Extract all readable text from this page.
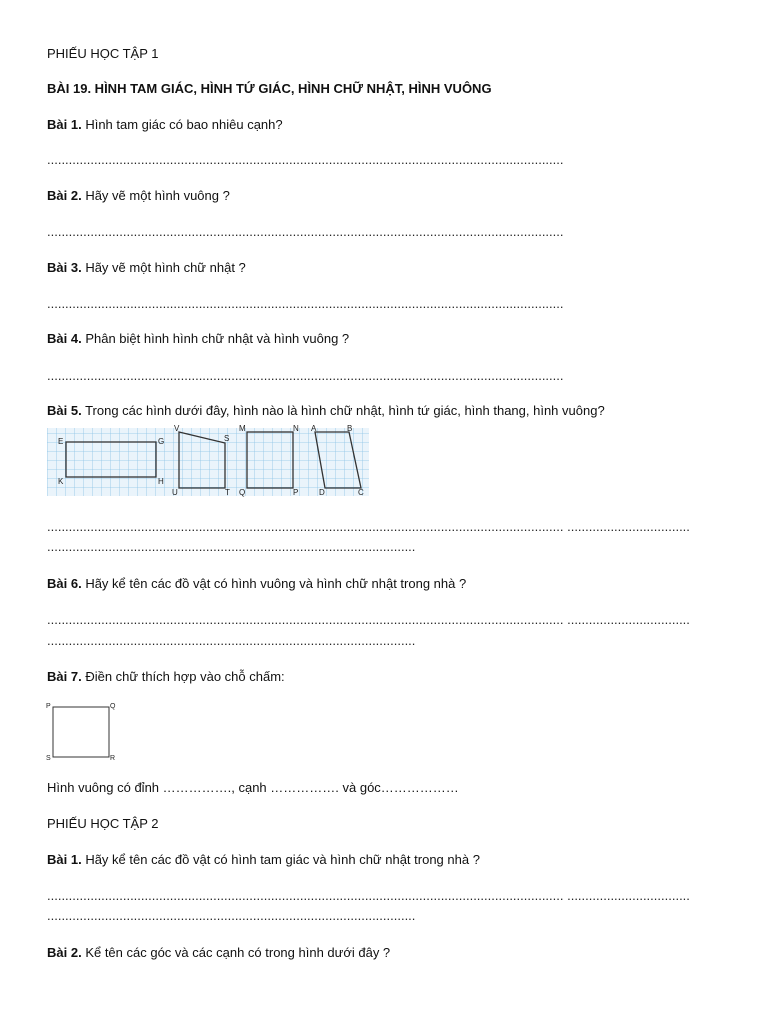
PHIẾU HỌC TẬP 1
BÀI 19. HÌNH TAM GIÁC, HÌNH TỨ GIÁC, HÌNH CHỮ NHẬT, HÌNH VUÔNG
Bài 1. Hình tam giác có bao nhiêu cạnh?
...............................................................................................................................................
Bài 2. Hãy vẽ một hình vuông ?
...............................................................................................................................................
Bài 3. Hãy vẽ một hình chữ nhật ?
...............................................................................................................................................
Bài 4. Phân biệt hình hình chữ nhật và hình vuông ?
...............................................................................................................................................
Bài 5. Trong các hình dưới đây, hình nào là hình chữ nhật, hình tứ giác, hình thang, hình vuông?
E	G
K	H
V
S
U	T
M	N
Q	P
A	B
D	C
............................................................................................................................................... ..................................
......................................................................................................
Bài 6. Hãy kể tên các đồ vật có hình vuông và hình chữ nhật trong nhà ?
............................................................................................................................................... ..................................
......................................................................................................
Bài 7. Điền chữ thích hợp vào chỗ chấm:
P	Q
S	R
Hình vuông có đỉnh ……………., cạnh ……………. và góc………………
PHIẾU HỌC TẬP 2
Bài 1. Hãy kể tên các đồ vật có hình tam giác và hình chữ nhật trong nhà ?
............................................................................................................................................... ..................................
......................................................................................................
Bài 2. Kể tên các góc và các cạnh có trong hình dưới đây ?
